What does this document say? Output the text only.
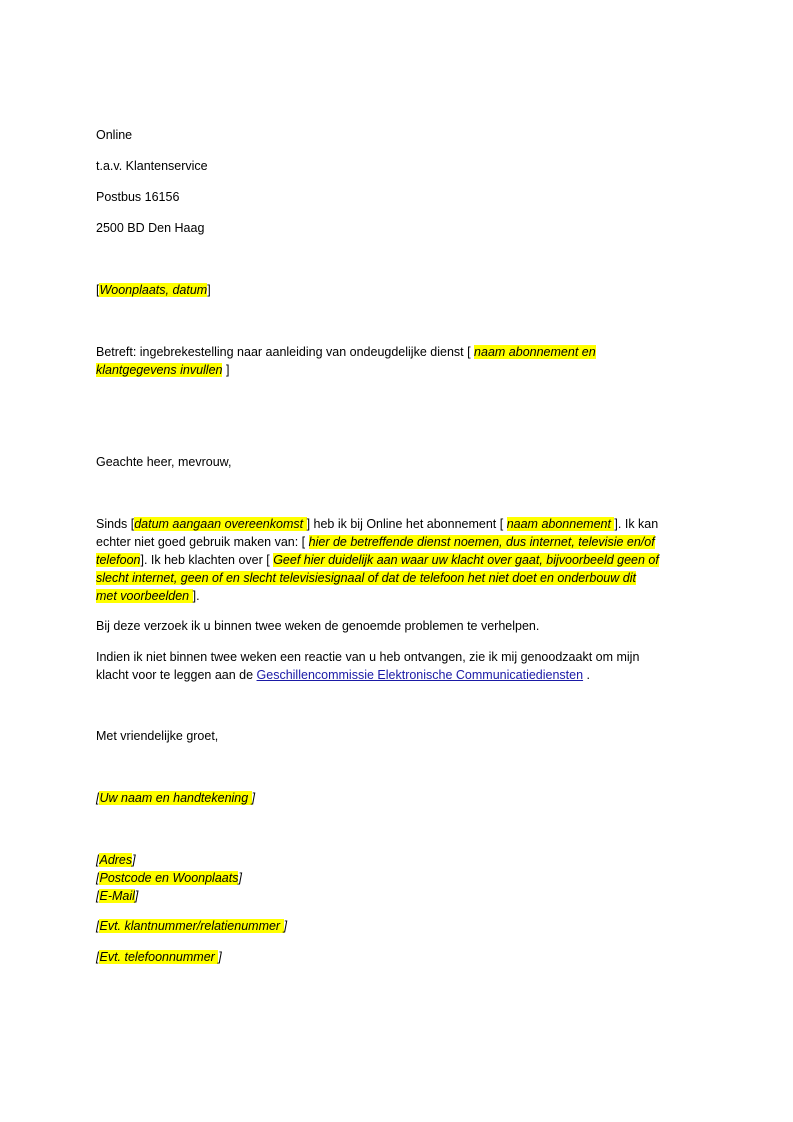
Online
t.a.v. Klantenservice
Postbus 16156
2500 BD Den Haag
[Woonplaats, datum]
Betreft: ingebrekestelling naar aanleiding van ondeugdelijke dienst [ naam abonnement en
klantgegevens invullen ]
Geachte heer, mevrouw,
Sinds [datum aangaan overeenkomst ] heb ik bij Online het abonnement [ naam abonnement ]. Ik kan
echter niet goed gebruik maken van: [ hier de betreffende dienst noemen, dus internet, televisie en/of
telefoon]. Ik heb klachten over [ Geef hier duidelijk aan waar uw klacht over gaat, bijvoorbeeld geen of
slecht internet, geen of en slecht televisiesignaal of dat de telefoon het niet doet en onderbouw dit
met voorbeelden ].
Bij deze verzoek ik u binnen twee weken de genoemde problemen te verhelpen.
Indien ik niet binnen twee weken een reactie van u heb ontvangen, zie ik mij genoodzaakt om mijn
klacht voor te leggen aan de Geschillencommissie Elektronische Communicatiediensten .
Met vriendelijke groet,
[Uw naam en handtekening ]
[Adres]
[Postcode en Woonplaats]
[E-Mail]
[Evt. klantnummer/relatienummer ]
[Evt. telefoonnummer ]
